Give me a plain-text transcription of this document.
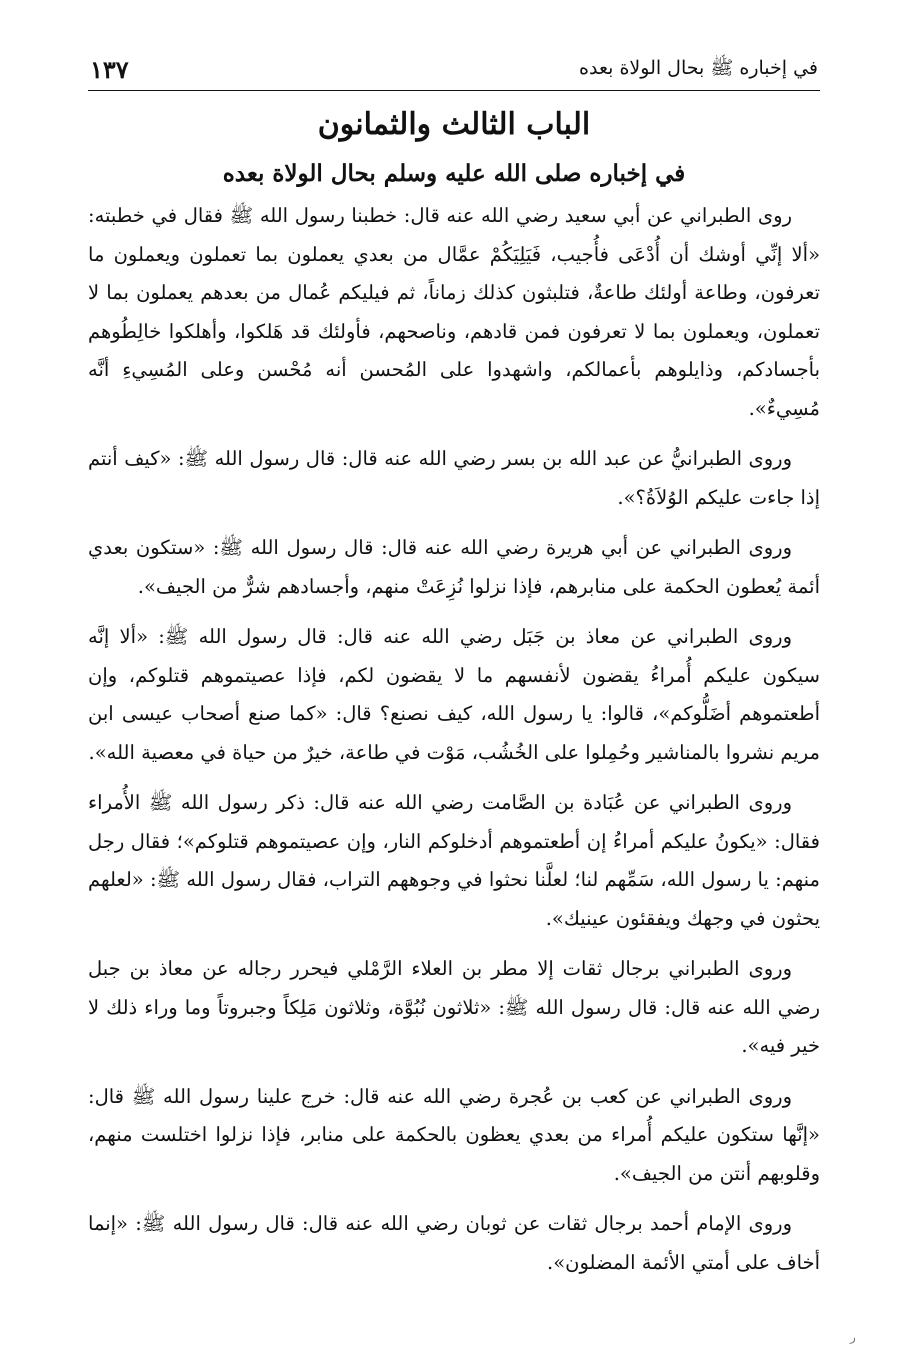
في إخباره ﷺ بحال الولاة بعده
١٣٧
الباب الثالث والثمانون
في إخباره صلى الله عليه وسلم بحال الولاة بعده

روى الطبراني عن أبي سعيد رضي الله عنه قال: خطبنا رسول الله ﷺ فقال في خطبته: «ألا إنِّي أوشك أن أُدْعَى فأُجيب، فَيَلِيَكُمْ عمَّال من بعدي يعملون بما تعملون ويعملون ما تعرفون، وطاعة أولئك طاعةٌ، فتلبثون كذلك زماناً، ثم فيليكم عُمال من بعدهم يعملون بما لا تعملون، ويعملون بما لا تعرفون فمن قادهم، وناصحهم، فأولئك قد هَلكوا، وأهلكوا خالِطُوهم بأجسادكم، وذايلوهم بأعمالكم، واشهدوا على المُحسن أنه مُحْسن وعلى المُسِيءِ أنَّه مُسِيءٌ».

وروى الطبرانيُّ عن عبد الله بن بسر رضي الله عنه قال: قال رسول الله ﷺ: «كيف أنتم إذا جاءت عليكم الوُلاَةُ؟».

وروى الطبراني عن أبي هريرة رضي الله عنه قال: قال رسول الله ﷺ: «ستكون بعدي أئمة يُعطون الحكمة على منابرهم، فإذا نزلوا نُزِعَتْ منهم، وأجسادهم شرٌّ من الجيف».

وروى الطبراني عن معاذ بن جَبَل رضي الله عنه قال: قال رسول الله ﷺ: «ألا إنَّه سيكون عليكم أُمراءُ يقضون لأنفسهم ما لا يقضون لكم، فإذا عصيتموهم قتلوكم، وإن أطعتموهم أضَلُّوكم»، قالوا: يا رسول الله، كيف نصنع؟ قال: «كما صنع أصحاب عيسى ابن مريم نشروا بالمناشير وحُمِلوا على الخُشُب، مَوْت في طاعة، خيرٌ من حياة في معصية الله».

وروى الطبراني عن عُبَادة بن الصَّامت رضي الله عنه قال: ذكر رسول الله ﷺ الأُمراء فقال: «يكونُ عليكم أمراءُ إن أطعتموهم أدخلوكم النار، وإن عصيتموهم قتلوكم»؛ فقال رجل منهم: يا رسول الله، سَمِّهم لنا؛ لعلَّنا نحثوا في وجوههم التراب، فقال رسول الله ﷺ: «لعلهم يحثون في وجهك ويفقئون عينيك».

وروى الطبراني برجال ثقات إلا مطر بن العلاء الرَّمْلي فيحرر رجاله عن معاذ بن جبل رضي الله عنه قال: قال رسول الله ﷺ: «ثلاثون نُبُوَّة، وثلاثون مَلِكاً وجبروتاً وما وراء ذلك لا خير فيه».

وروى الطبراني عن كعب بن عُجرة رضي الله عنه قال: خرج علينا رسول الله ﷺ قال: «إنَّها ستكون عليكم أُمراء من بعدي يعظون بالحكمة على منابر، فإذا نزلوا اختلست منهم، وقلوبهم أنتن من الجيف».

وروى الإمام أحمد برجال ثقات عن ثوبان رضي الله عنه قال: قال رسول الله ﷺ: «إنما أخاف على أمتي الأئمة المضلون».

ر
